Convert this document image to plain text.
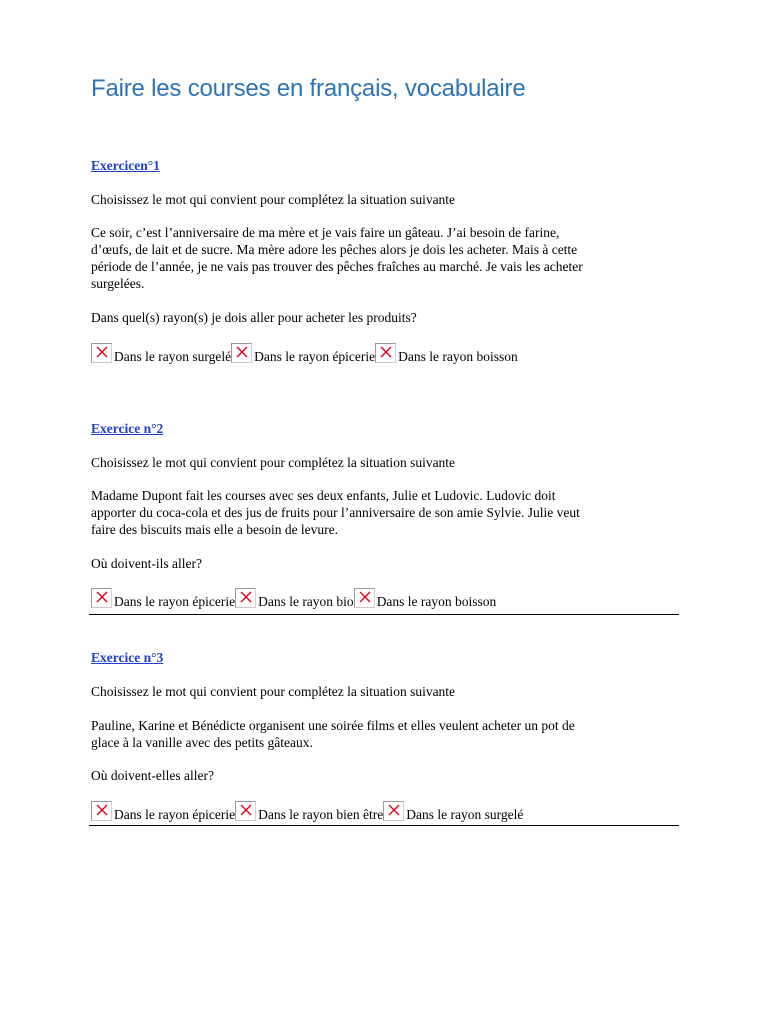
Faire les courses en français, vocabulaire
Exercicen°1

Choisissez le mot qui convient pour complétez la situation suivante

Ce soir, c’est l’anniversaire de ma mère et je vais faire un gâteau. J’ai besoin de farine,

d’œufs, de lait et de sucre. Ma mère adore les pêches alors je dois les acheter. Mais à cette

période de l’année, je ne vais pas trouver des pêches fraîches au marché. Je vais les acheter

surgelées.

Dans quel(s) rayon(s) je dois aller pour acheter les produits?

Dans le rayon surgelé Dans le rayon épicerie Dans le rayon boisson
Exercice n°2

Choisissez le mot qui convient pour complétez la situation suivante

Madame Dupont fait les courses avec ses deux enfants, Julie et Ludovic. Ludovic doit

apporter du coca-cola et des jus de fruits pour l’anniversaire de son amie Sylvie. Julie veut

faire des biscuits mais elle a besoin de levure.

Où doivent-ils aller?

Dans le rayon épicerie Dans le rayon bio Dans le rayon boisson
Exercice n°3

Choisissez le mot qui convient pour complétez la situation suivante

Pauline, Karine et Bénédicte organisent une soirée films et elles veulent acheter un pot de

glace à la vanille avec des petits gâteaux.

Où doivent-elles aller?

Dans le rayon épicerie Dans le rayon bien être Dans le rayon surgelé
